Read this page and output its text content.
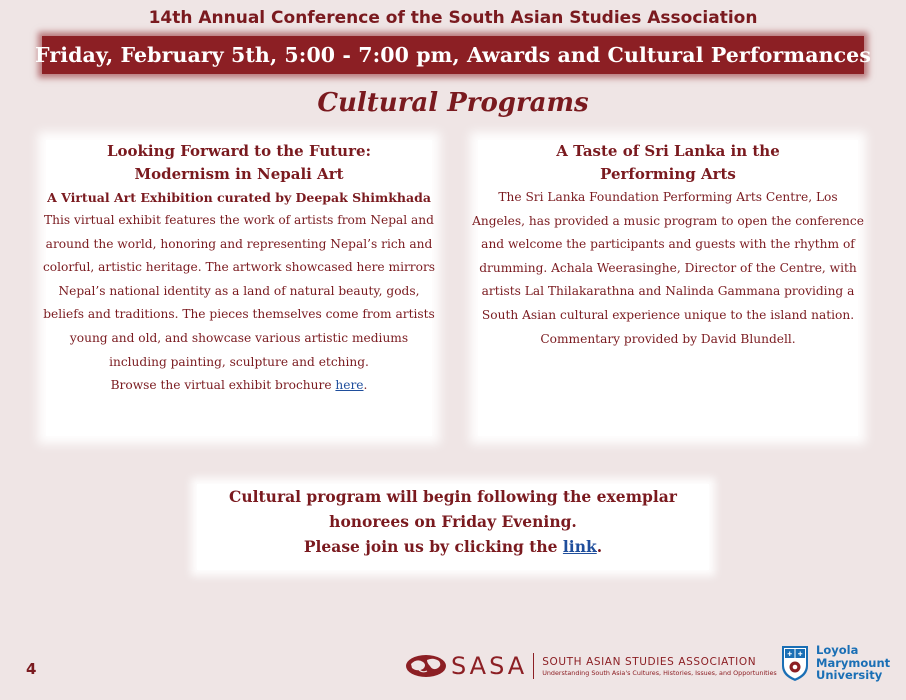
14th Annual Conference of the South Asian Studies Association
Friday, February 5th, 5:00 - 7:00 pm, Awards and Cultural Performances
Cultural Programs
Looking Forward to the Future:
Modernism in Nepali Art
A Virtual Art Exhibition curated by Deepak Shimkhada

This virtual exhibit features the work of artists from Nepal and around the world, honoring and representing Nepal’s rich and colorful, artistic heritage. The artwork showcased here mirrors Nepal’s national identity as a land of natural beauty, gods, beliefs and traditions. The pieces themselves come from artists young and old, and showcase various artistic mediums including painting, sculpture and etching.

Browse the virtual exhibit brochure here.

A Taste of Sri Lanka in the
Performing Arts

The Sri Lanka Foundation Performing Arts Centre, Los Angeles, has provided a music program to open the conference and welcome the participants and guests with the rhythm of drumming. Achala Weerasinghe, Director of the Centre, with artists Lal Thilakarathna and Nalinda Gammana providing a South Asian cultural experience unique to the island nation. Commentary provided by David Blundell.

Cultural program will begin following the exemplar
honorees on Friday Evening.
Please join us by clicking the link.
4	SASA SOUTH ASIAN STUDIES ASSOCIATION
Understanding South Asia's Cultures, Histories, Issues, and Opportunities
Loyola
Marymount
University
